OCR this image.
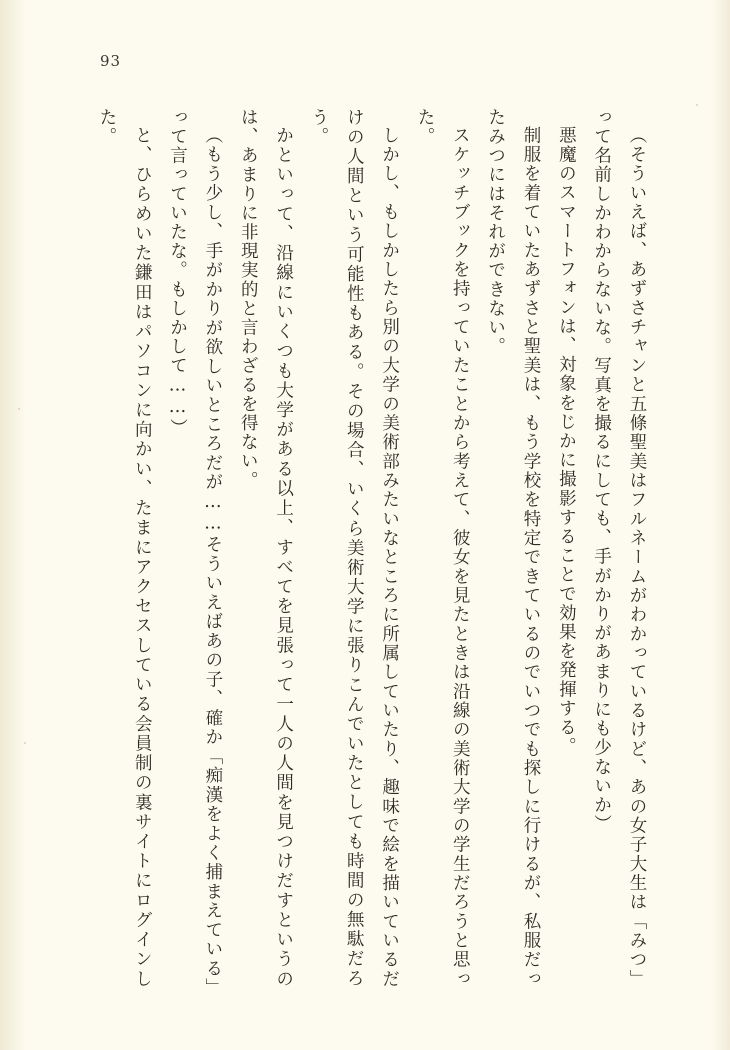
93

（そういえば、あずさチャンと五條聖美はフルネームがわかっているけど、あの女子大生は「みつ」って名前しかわからないな。写真を撮るにしても、手がかりがあまりにも少ないか）

悪魔のスマートフォンは、対象をじかに撮影することで効果を発揮する。

制服を着ていたあずさと聖美は、もう学校を特定できているのでいつでも探しに行けるが、私服だったみつにはそれができない。

スケッチブックを持っていたことから考えて、彼女を見たときは沿線の美術大学の学生だろうと思った。

しかし、もしかしたら別の大学の美術部みたいなところに所属していたり、趣味で絵を描いているだけの人間という可能性もある。その場合、いくら美術大学に張りこんでいたとしても時間の無駄だろう。

かといって、沿線にいくつも大学がある以上、すべてを見張って一人の人間を見つけだすというのは、あまりに非現実的と言わざるを得ない。

（もう少し、手がかりが欲しいところだが……そういえばあの子、確か「痴漢をよく捕まえている」って言っていたな。もしかして……）

と、ひらめいた鎌田はパソコンに向かい、たまにアクセスしている会員制の裏サイトにログインした。
